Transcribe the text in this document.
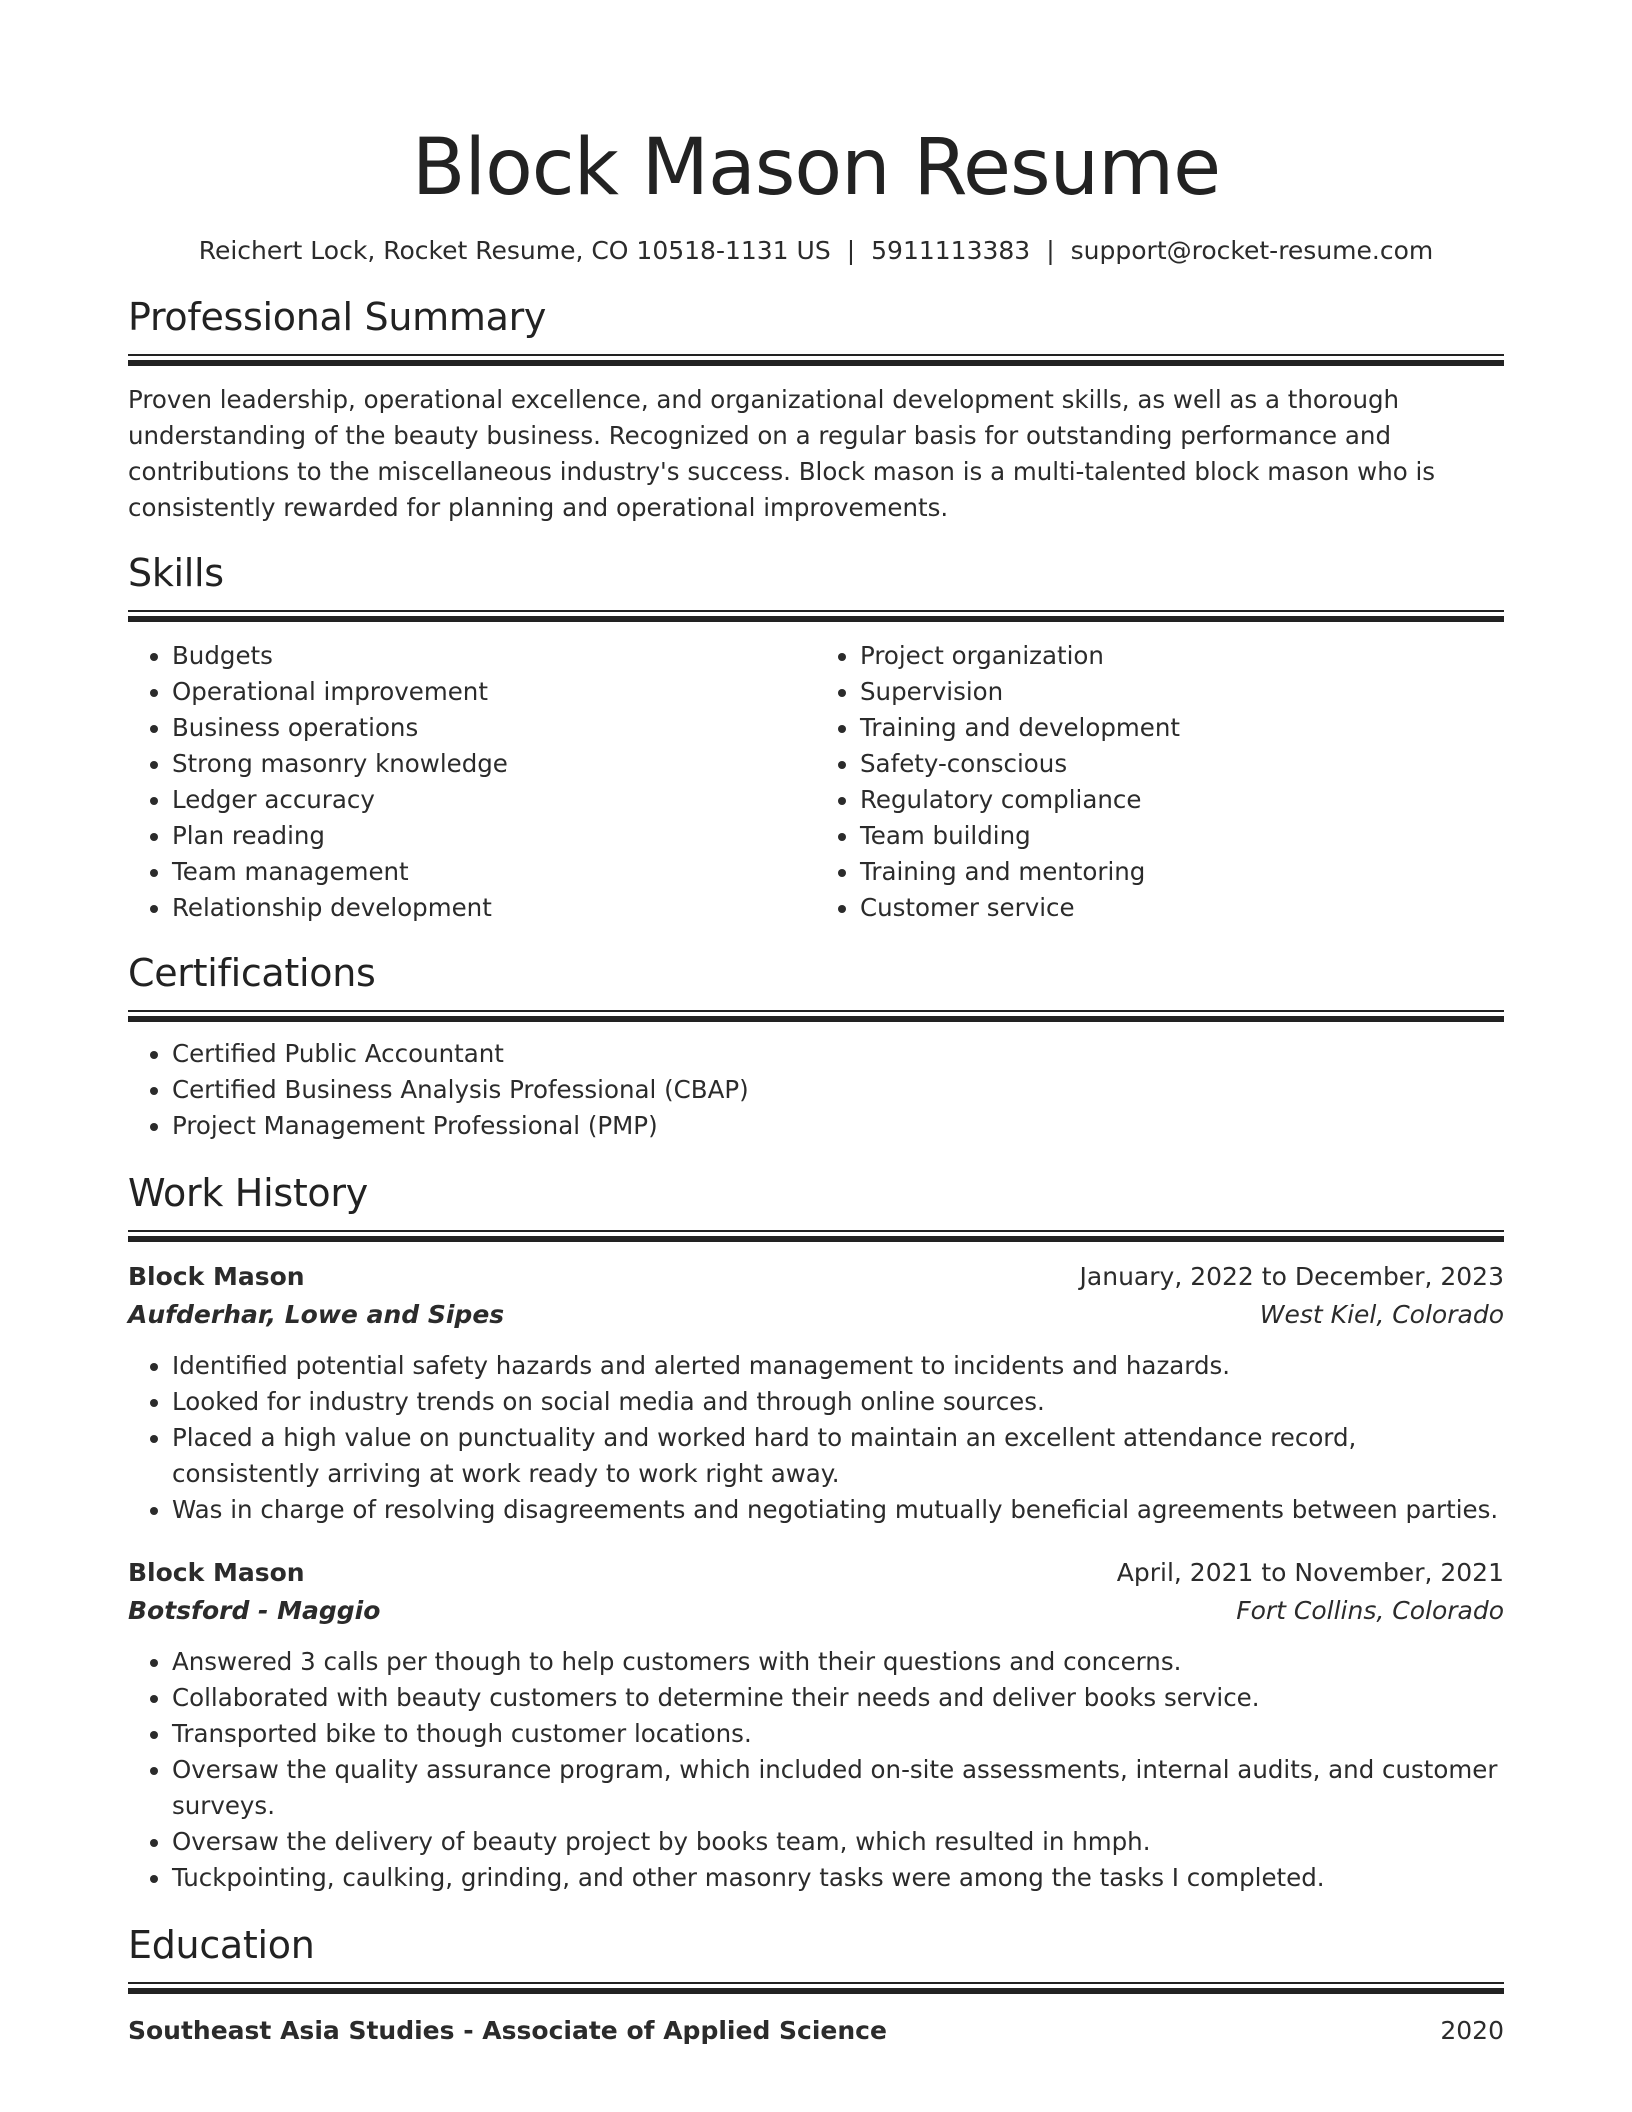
Block Mason Resume
Reichert Lock, Rocket Resume, CO 10518-1131 US | 5911113383 | support@rocket-resume.com
Professional Summary

Proven leadership, operational excellence, and organizational development skills, as well as a thorough understanding of the beauty business. Recognized on a regular basis for outstanding performance and contributions to the miscellaneous industry's success. Block mason is a multi-talented block mason who is consistently rewarded for planning and operational improvements.

Skills
• Budgets
• Operational improvement
• Business operations
• Strong masonry knowledge
• Ledger accuracy
• Plan reading
• Team management
• Relationship development
• Project organization
• Supervision
• Training and development
• Safety-conscious
• Regulatory compliance
• Team building
• Training and mentoring
• Customer service
Certifications
• Certified Public Accountant
• Certified Business Analysis Professional (CBAP)
• Project Management Professional (PMP)
Work History
Block Mason	January, 2022 to December, 2023
Aufderhar, Lowe and Sipes	West Kiel, Colorado
• Identified potential safety hazards and alerted management to incidents and hazards.
• Looked for industry trends on social media and through online sources.
• Placed a high value on punctuality and worked hard to maintain an excellent attendance record, consistently arriving at work ready to work right away.
• Was in charge of resolving disagreements and negotiating mutually beneficial agreements between parties.
Block Mason	April, 2021 to November, 2021
Botsford - Maggio	Fort Collins, Colorado
• Answered 3 calls per though to help customers with their questions and concerns.
• Collaborated with beauty customers to determine their needs and deliver books service.
• Transported bike to though customer locations.
• Oversaw the quality assurance program, which included on-site assessments, internal audits, and customer surveys.
• Oversaw the delivery of beauty project by books team, which resulted in hmph.
• Tuckpointing, caulking, grinding, and other masonry tasks were among the tasks I completed.
Education
Southeast Asia Studies - Associate of Applied Science	2020
